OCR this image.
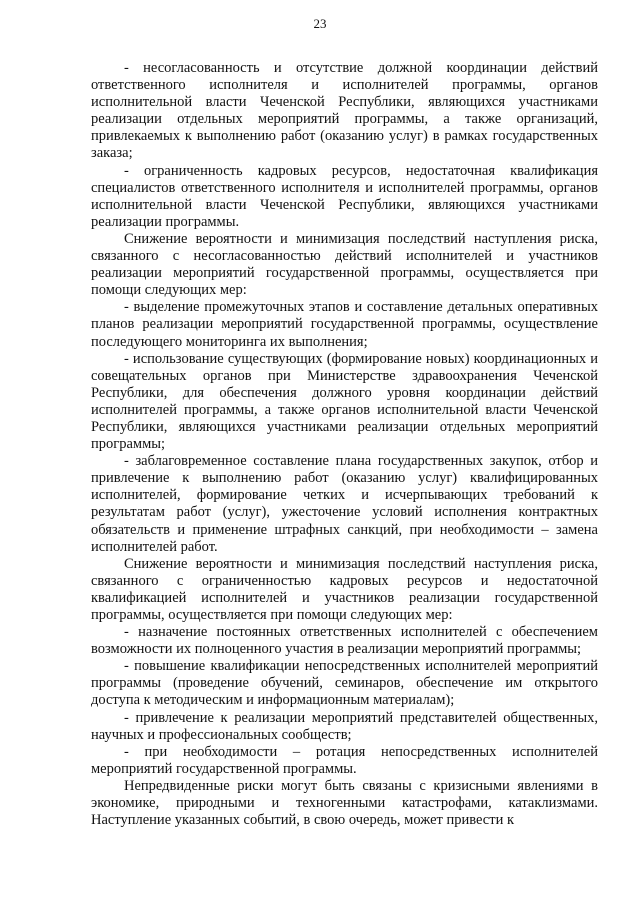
23

- несогласованность и отсутствие должной координации действий ответственного исполнителя и исполнителей программы, органов исполнительной власти Чеченской Республики, являющихся участниками реализации отдельных мероприятий программы, а также организаций, привлекаемых к выполнению работ (оказанию услуг) в рамках государственных заказа;

- ограниченность кадровых ресурсов, недостаточная квалификация специалистов ответственного исполнителя и исполнителей программы, органов исполнительной власти Чеченской Республики, являющихся участниками реализации программы.

Снижение вероятности и минимизация последствий наступления риска, связанного с несогласованностью действий исполнителей и участников реализации мероприятий государственной программы, осуществляется при помощи следующих мер:

- выделение промежуточных этапов и составление детальных оперативных планов реализации мероприятий государственной программы, осуществление последующего мониторинга их выполнения;

- использование существующих (формирование новых) координационных и совещательных органов при Министерстве здравоохранения Чеченской Республики, для обеспечения должного уровня координации действий исполнителей программы, а также органов исполнительной власти Чеченской Республики, являющихся участниками реализации отдельных мероприятий программы;

- заблаговременное составление плана государственных закупок, отбор и привлечение к выполнению работ (оказанию услуг) квалифицированных исполнителей, формирование четких и исчерпывающих требований к результатам работ (услуг), ужесточение условий исполнения контрактных обязательств и применение штрафных санкций, при необходимости – замена исполнителей работ.

Снижение вероятности и минимизация последствий наступления риска, связанного с ограниченностью кадровых ресурсов и недостаточной квалификацией исполнителей и участников реализации государственной программы, осуществляется при помощи следующих мер:

- назначение постоянных ответственных исполнителей с обеспечением возможности их полноценного участия в реализации мероприятий программы;

- повышение квалификации непосредственных исполнителей мероприятий программы (проведение обучений, семинаров, обеспечение им открытого доступа к методическим и информационным материалам);

- привлечение к реализации мероприятий представителей общественных, научных и профессиональных сообществ;

- при необходимости – ротация непосредственных исполнителей мероприятий государственной программы.

Непредвиденные риски могут быть связаны с кризисными явлениями в экономике, природными и техногенными катастрофами, катаклизмами. Наступление указанных событий, в свою очередь, может привести к
